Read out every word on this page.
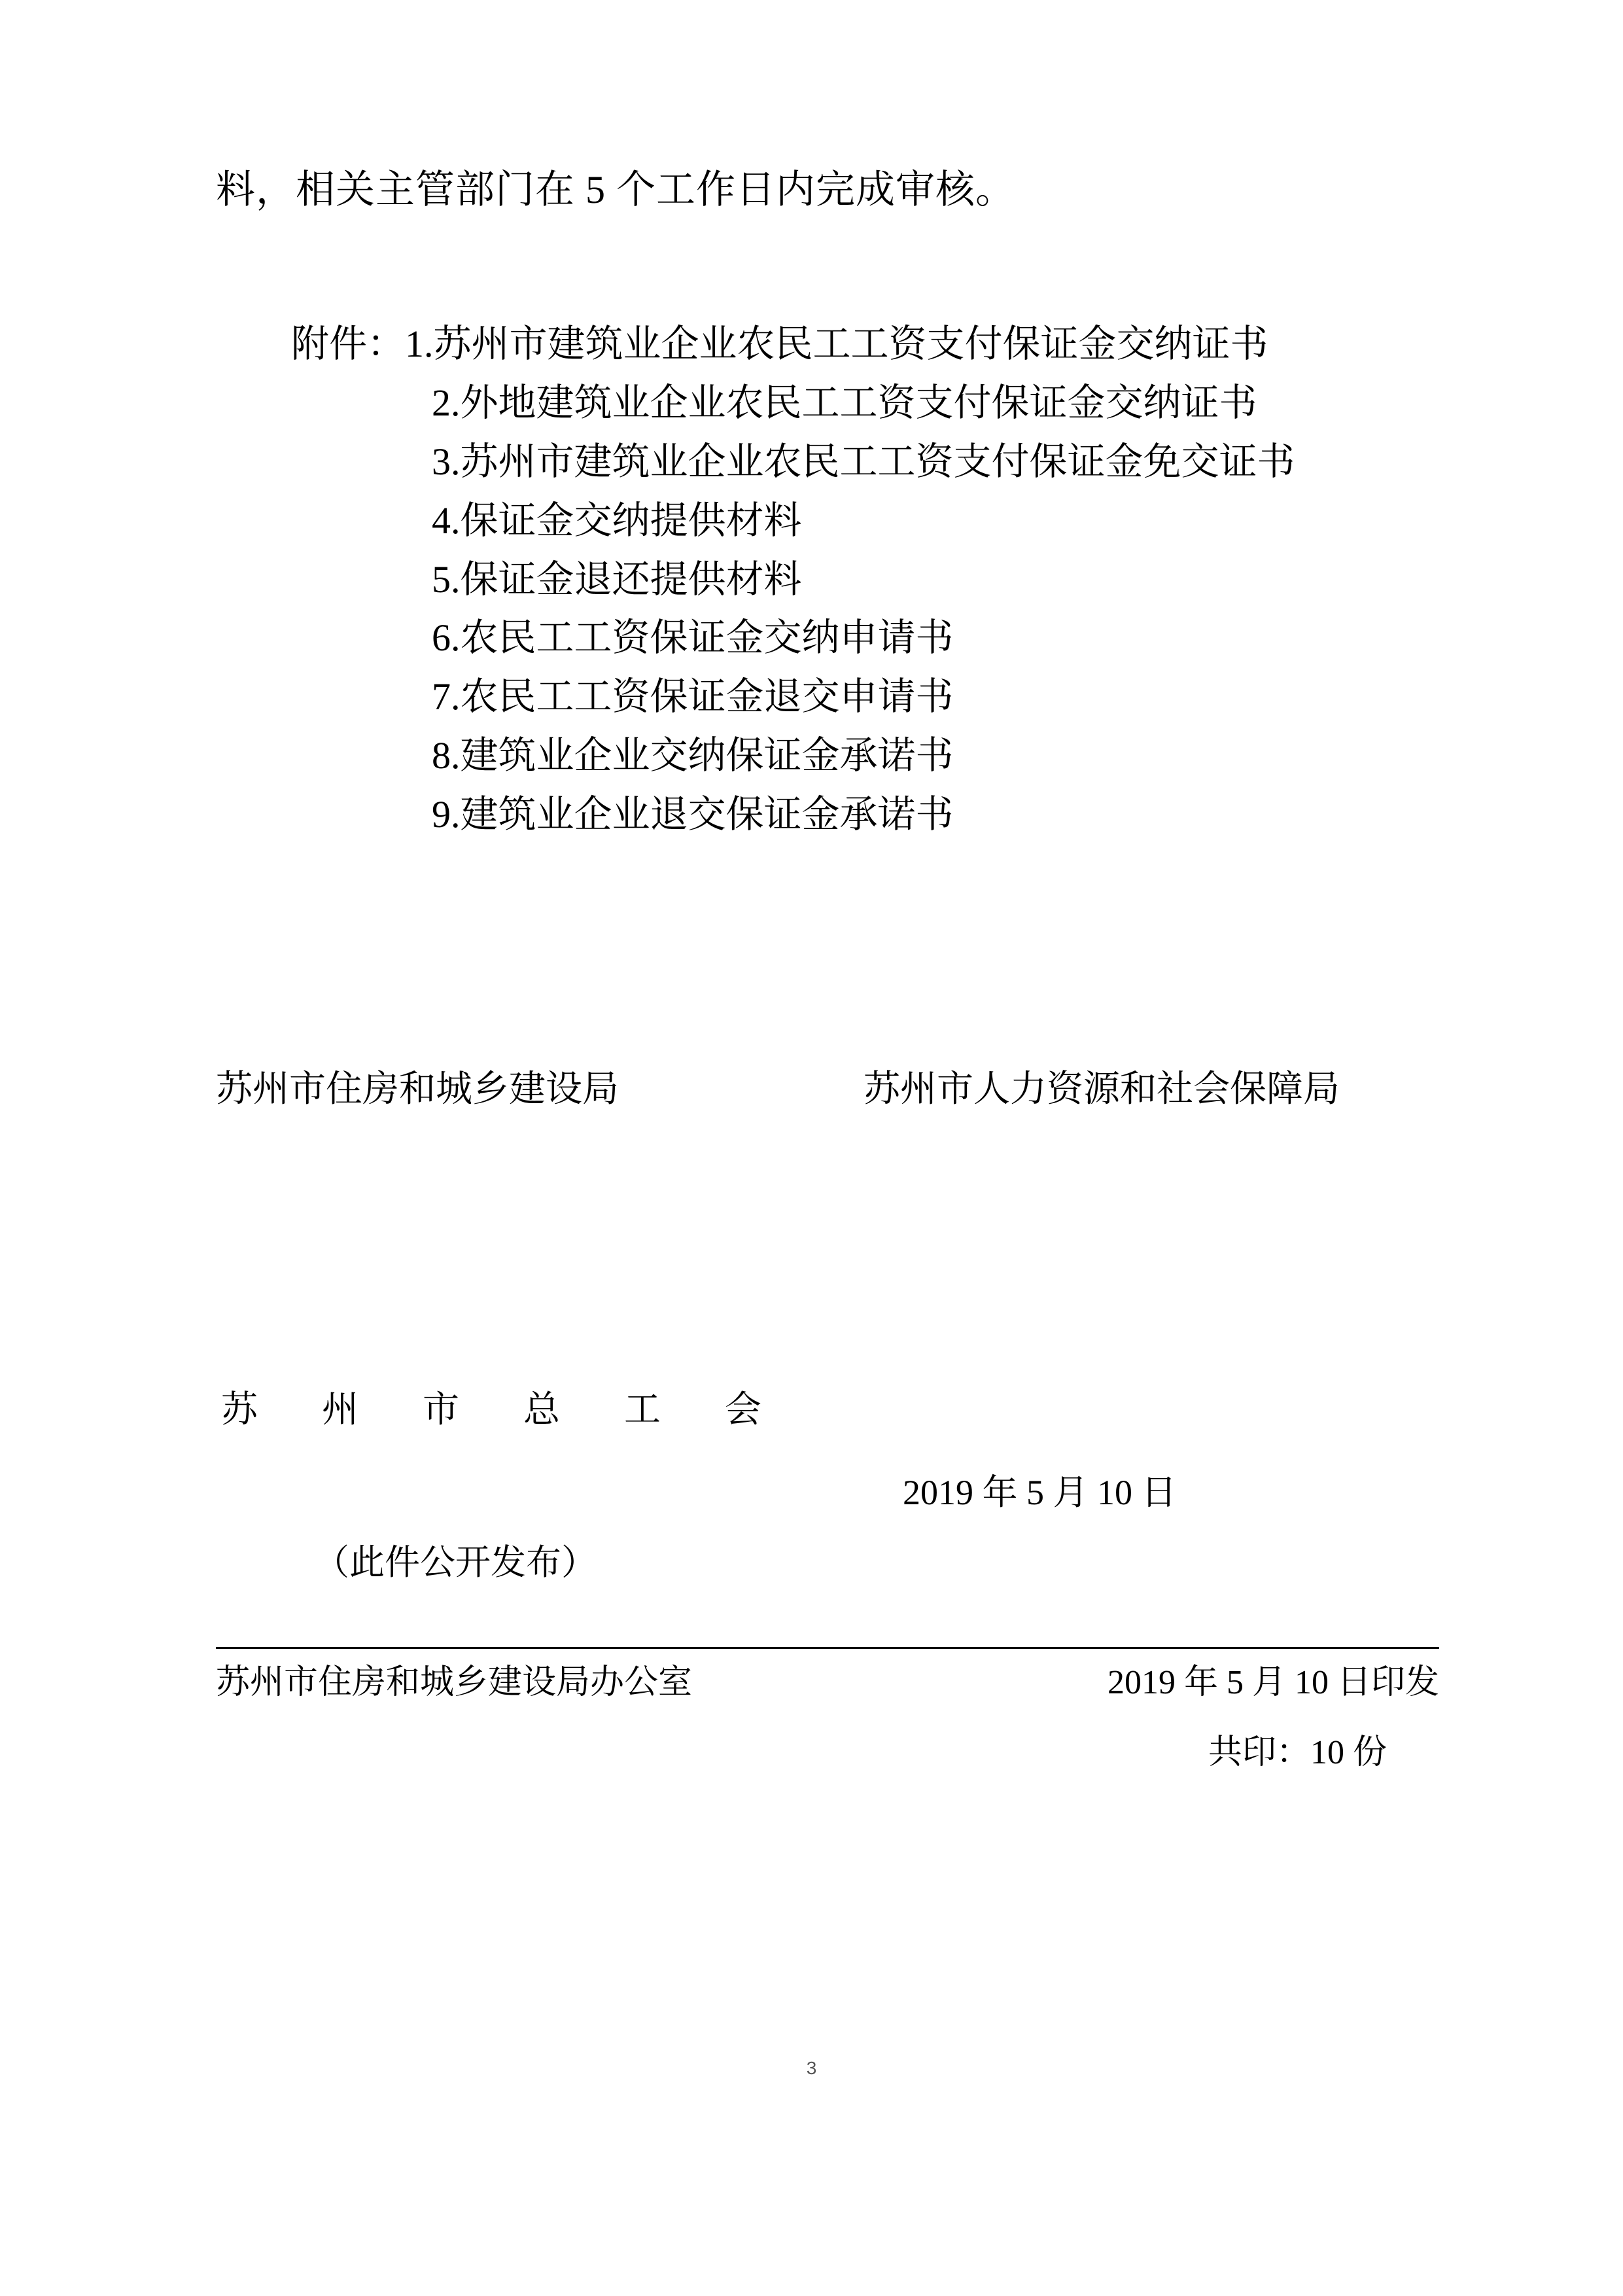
料，相关主管部门在 5 个工作日内完成审核。
附件：1.苏州市建筑业企业农民工工资支付保证金交纳证书
2.外地建筑业企业农民工工资支付保证金交纳证书
3.苏州市建筑业企业农民工工资支付保证金免交证书
4.保证金交纳提供材料
5.保证金退还提供材料
6.农民工工资保证金交纳申请书
7.农民工工资保证金退交申请书
8.建筑业企业交纳保证金承诺书
9.建筑业企业退交保证金承诺书
苏州市住房和城乡建设局	苏州市人力资源和社会保障局
苏 州 市 总 工 会
2019 年 5 月 10 日
（此件公开发布）
苏州市住房和城乡建设局办公室	2019 年 5 月 10 日印发
共印：10 份
3
